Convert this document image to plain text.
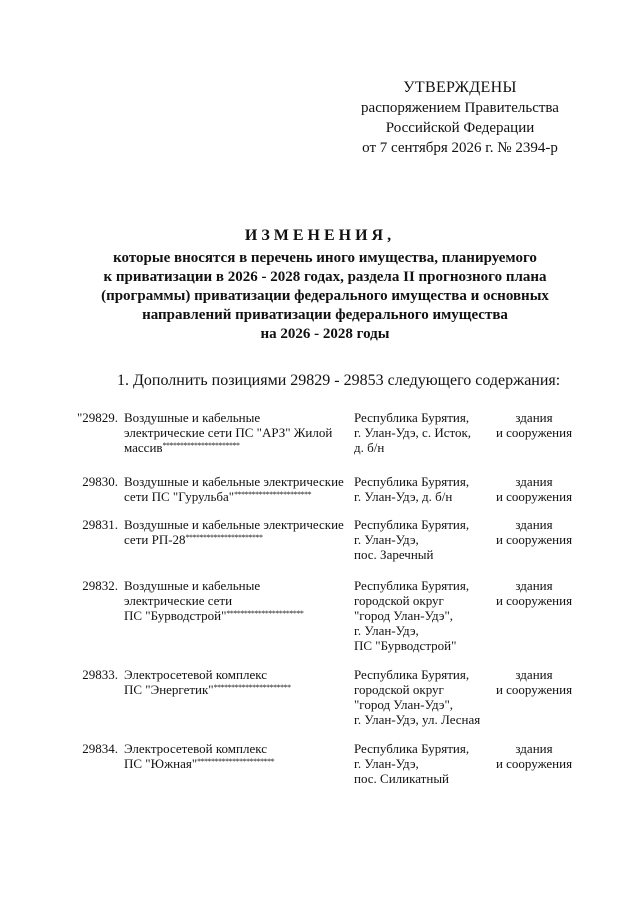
УТВЕРЖДЕНЫ
распоряжением Правительства
Российской Федерации
от 7 сентября 2026 г. № 2394-р
ИЗМЕНЕНИЯ,
которые вносятся в перечень иного имущества, планируемого
к приватизации в 2026 - 2028 годах, раздела II прогнозного плана
(программы) приватизации федерального имущества и основных
направлений приватизации федерального имущества
на 2026 - 2028 годы
1. Дополнить позициями 29829 - 29853 следующего содержания:
"29829. Воздушные и кабельные
электрические сети ПС "АРЗ" Жилой
массив**********************
Республика Бурятия,
г. Улан-Удэ, с. Исток,
д. б/н
здания
и сооружения
29830. Воздушные и кабельные электрические
сети ПС "Гурульба"**********************
Республика Бурятия,
г. Улан-Удэ, д. б/н
здания
и сооружения
29831. Воздушные и кабельные электрические
сети РП-28**********************
Республика Бурятия,
г. Улан-Удэ,
пос. Заречный
здания
и сооружения
29832. Воздушные и кабельные
электрические сети
ПС "Бурводстрой"**********************
Республика Бурятия,
городской округ
"город Улан-Удэ",
г. Улан-Удэ,
ПС "Бурводстрой"
здания
и сооружения
29833. Электросетевой комплекс
ПС "Энергетик"**********************
Республика Бурятия,
городской округ
"город Улан-Удэ",
г. Улан-Удэ, ул. Лесная
здания
и сооружения
29834. Электросетевой комплекс
ПС "Южная"**********************
Республика Бурятия,
г. Улан-Удэ,
пос. Силикатный
здания
и сооружения
